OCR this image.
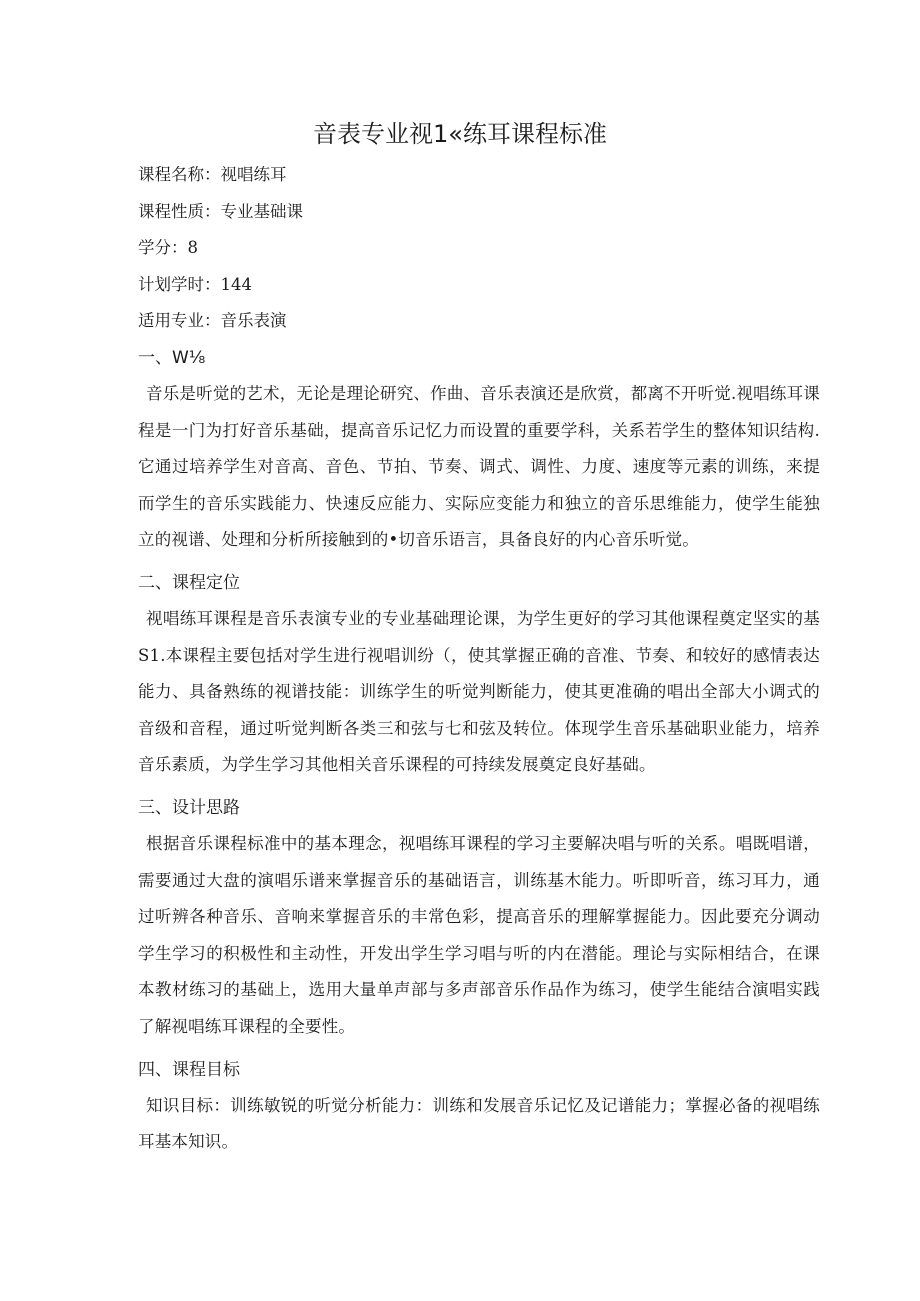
音表专业视1«练耳课程标准
课程名称：视唱练耳
课程性质：专业基础课
学分：8
计划学时：144
适用专业：音乐表演
一、W⅛

音乐是听觉的艺术，无论是理论研究、作曲、音乐表演还是欣赏，都离不开听觉.视唱练耳课程是一门为打好音乐基础，提高音乐记忆力而设置的重要学科，关系若学生的整体知识结构.它通过培养学生对音高、音色、节拍、节奏、调式、调性、力度、速度等元素的训练，来提而学生的音乐实践能力、快速反应能力、实际应变能力和独立的音乐思维能力，使学生能独立的视谱、处理和分析所接触到的•切音乐语言，具备良好的内心音乐听觉。

二、课程定位

视唱练耳课程是音乐表演专业的专业基础理论课，为学生更好的学习其他课程奠定坚实的基S1.本课程主要包括对学生进行视唱训纷（，使其掌握正确的音准、节奏、和较好的感情表达能力、具备熟练的视谱技能：训练学生的听觉判断能力，使其更准确的唱出全部大小调式的音级和音程，通过听觉判断各类三和弦与七和弦及转位。体现学生音乐基础职业能力，培养音乐素质，为学生学习其他相关音乐课程的可持续发展奠定良好基础。

三、设计思路

根据音乐课程标准中的基本理念，视唱练耳课程的学习主要解决唱与听的关系。唱既唱谱，需要通过大盘的演唱乐谱来掌握音乐的基础语言，训练基木能力。听即听音，练习耳力，通过听辨各种音乐、音响来掌握音乐的丰常色彩，提高音乐的理解掌握能力。因此要充分调动学生学习的积极性和主动性，开发出学生学习唱与听的内在潜能。理论与实际相结合，在课本教材练习的基础上，选用大量单声部与多声部音乐作品作为练习，使学生能结合演唱实践了解视唱练耳课程的全要性。

四、课程目标

知识目标：训练敏锐的听觉分析能力：训练和发展音乐记忆及记谱能力；掌握必备的视唱练耳基本知识。
